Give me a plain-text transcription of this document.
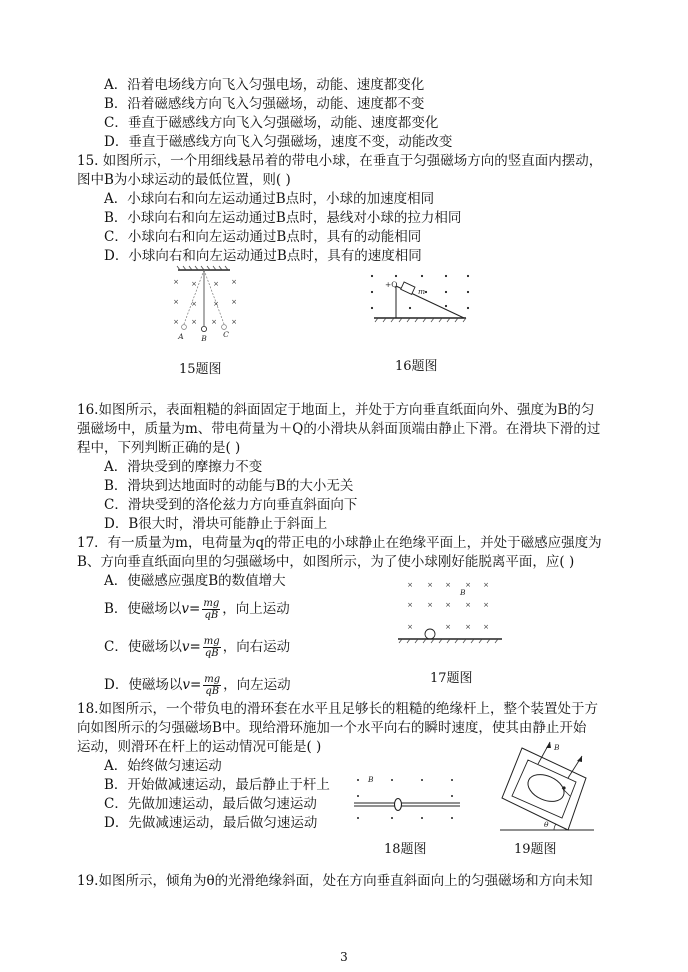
A．沿着电场线方向飞入匀强电场，动能、速度都变化
B．沿着磁感线方向飞入匀强磁场，动能、速度都不变
C．垂直于磁感线方向飞入匀强磁场，动能、速度都变化
D．垂直于磁感线方向飞入匀强磁场，速度不变，动能改变
15. 如图所示，一个用细线悬吊着的带电小球，在垂直于匀强磁场方向的竖直面内摆动，
图中B为小球运动的最低位置，则( )
A．小球向右和向左运动通过B点时，小球的加速度相同
B．小球向右和向左运动通过B点时，悬线对小球的拉力相同
C．小球向右和向左运动通过B点时，具有的动能相同
D．小球向右和向左运动通过B点时，具有的速度相同
× × × ×
× × × ×
× × × ×
A B C
15题图
+Q
m
16题图
16.如图所示，表面粗糙的斜面固定于地面上，并处于方向垂直纸面向外、强度为B的匀
强磁场中，质量为m、带电荷量为＋Q的小滑块从斜面顶端由静止下滑。在滑块下滑的过
程中，下列判断正确的是( )
A．滑块受到的摩擦力不变
B．滑块到达地面时的动能与B的大小无关
C．滑块受到的洛伦兹力方向垂直斜面向下
D．B很大时，滑块可能静止于斜面上
17．有一质量为m，电荷量为q的带正电的小球静止在绝缘平面上，并处于磁感应强度为
B、方向垂直纸面向里的匀强磁场中，如图所示，为了使小球刚好能脱离平面，应( )
A．使磁感应强度B的数值增大
B．使磁场以$v= \frac{mg}{qB}$ ，向上运动
C．使磁场以$v= \frac{mg}{qB}$ ，向右运动
D．使磁场以$v= \frac{mg}{qB}$ ，向左运动
× × × × ×
× × × × ×
×	× × ×
B
17题图
18.如图所示，一个带负电的滑环套在水平且足够长的粗糙的绝缘杆上，整个装置处于方
向如图所示的匀强磁场B中。现给滑环施加一个水平向右的瞬时速度，使其由静止开始
运动，则滑环在杆上的运动情况可能是( )
A．始终做匀速运动
B．开始做减速运动，最后静止于杆上
C．先做加速运动，最后做匀速运动
D．先做减速运动，最后做匀速运动
B
18题图
B
θ
19题图
19.如图所示，倾角为θ的光滑绝缘斜面，处在方向垂直斜面向上的匀强磁场和方向未知
3
